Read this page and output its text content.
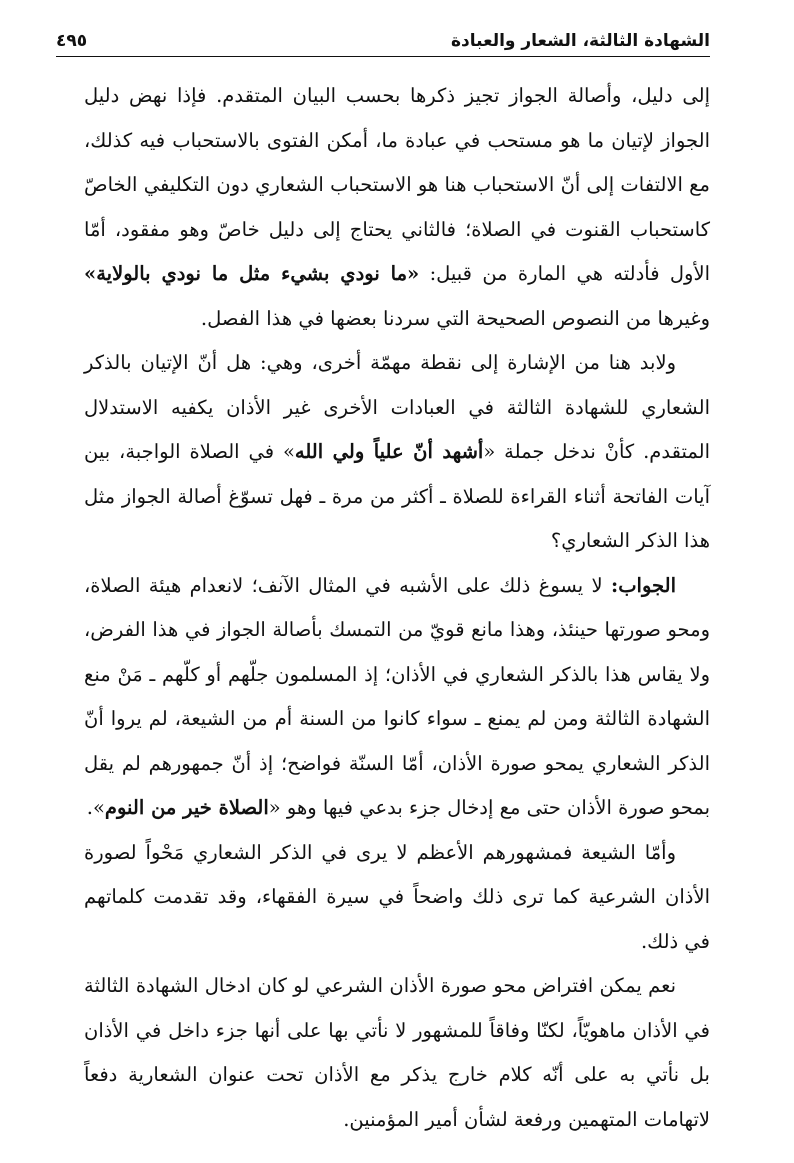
الشهادة الثالثة، الشعار والعبادة
٤٩٥

إلى دليل، وأصالة الجواز تجيز ذكرها بحسب البيان المتقدم. فإذا نهض دليل الجواز لإتيان ما هو مستحب في عبادة ما، أمكن الفتوى بالاستحباب فيه كذلك، مع الالتفات إلى أنّ الاستحباب هنا هو الاستحباب الشعاري دون التكليفي الخاصّ كاستحباب القنوت في الصلاة؛ فالثاني يحتاج إلى دليل خاصّ وهو مفقود، أمّا الأول فأدلته هي المارة من قبيل: «ما نودي بشيء مثل ما نودي بالولاية» وغيرها من النصوص الصحيحة التي سردنا بعضها في هذا الفصل.

ولابد هنا من الإشارة إلى نقطة مهمّة أخرى، وهي: هل أنّ الإتيان بالذكر الشعاري للشهادة الثالثة في العبادات الأخرى غير الأذان يكفيه الاستدلال المتقدم. كأنْ ندخل جملة «أشهد أنّ علياً ولي الله» في الصلاة الواجبة، بين آيات الفاتحة أثناء القراءة للصلاة ـ أكثر من مرة ـ فهل تسوّغ أصالة الجواز مثل هذا الذكر الشعاري؟

الجواب: لا يسوغ ذلك على الأشبه في المثال الآنف؛ لانعدام هيئة الصلاة، ومحو صورتها حينئذ، وهذا مانع قويّ من التمسك بأصالة الجواز في هذا الفرض، ولا يقاس هذا بالذكر الشعاري في الأذان؛ إذ المسلمون جلّهم أو كلّهم ـ مَنْ منع الشهادة الثالثة ومن لم يمنع ـ سواء كانوا من السنة أم من الشيعة، لم يروا أنّ الذكر الشعاري يمحو صورة الأذان، أمّا السنّة فواضح؛ إذ أنّ جمهورهم لم يقل بمحو صورة الأذان حتى مع إدخال جزء بدعي فيها وهو «الصلاة خير من النوم».

وأمّا الشيعة فمشهورهم الأعظم لا يرى في الذكر الشعاري مَحْواً لصورة الأذان الشرعية كما ترى ذلك واضحاً في سيرة الفقهاء، وقد تقدمت كلماتهم في ذلك.

نعم يمكن افتراض محو صورة الأذان الشرعي لو كان ادخال الشهادة الثالثة في الأذان ماهويّاً، لكنّا وفاقاً للمشهور لا نأتي بها على أنها جزء داخل في الأذان بل نأتي به على أنّه كلام خارج يذكر مع الأذان تحت عنوان الشعارية دفعاً لاتهامات المتهمين ورفعة لشأن أمير المؤمنين.
